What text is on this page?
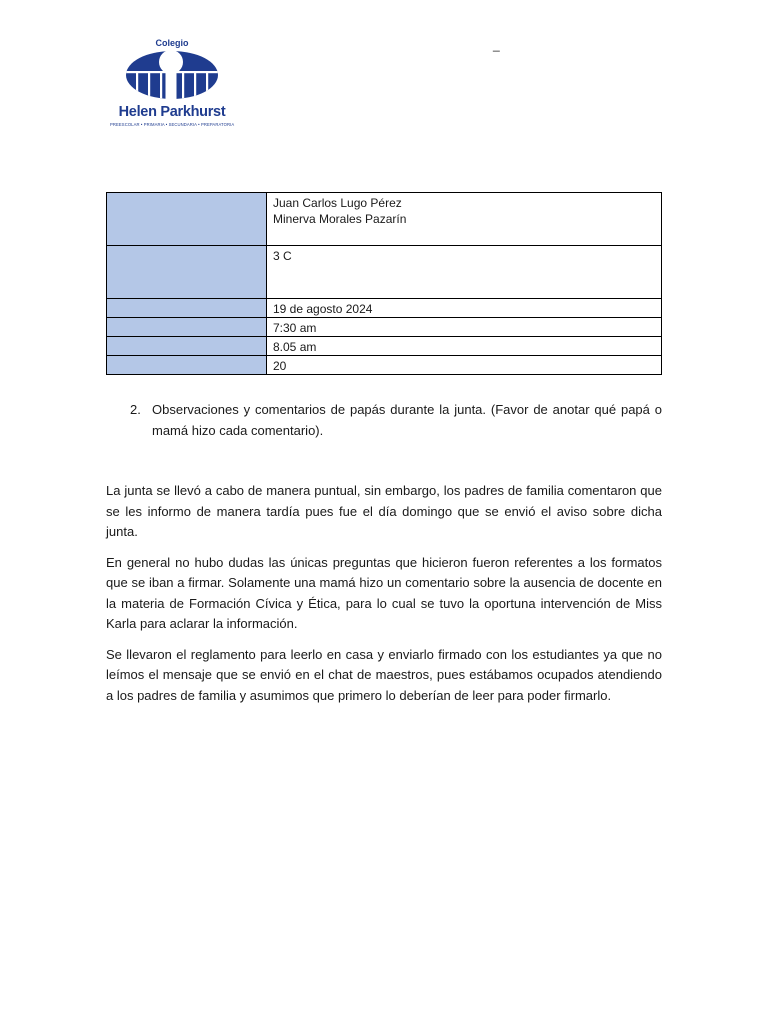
Colegio
Helen Parkhurst
PREESCOLAR • PRIMARIA • SECUNDARIA • PREPARATORIA
_

	Juan Carlos Lugo Pérez
Minerva Morales Pazarín

	3 C

	19 de agosto 2024

	7:30 am

	8.05 am

	20
2. Observaciones y comentarios de papás durante la junta. (Favor de anotar qué papá o mamá hizo cada comentario).

La junta se llevó a cabo de manera puntual, sin embargo, los padres de familia comentaron que se les informo de manera tardía pues fue el día domingo que se envió el aviso sobre dicha junta.

En general no hubo dudas las únicas preguntas que hicieron fueron referentes a los formatos que se iban a firmar. Solamente una mamá hizo un comentario sobre la ausencia de docente en la materia de Formación Cívica y Ética, para lo cual se tuvo la oportuna intervención de Miss Karla para aclarar la información.

Se llevaron el reglamento para leerlo en casa y enviarlo firmado con los estudiantes ya que no leímos el mensaje que se envió en el chat de maestros, pues estábamos ocupados atendiendo a los padres de familia y asumimos que primero lo deberían de leer para poder firmarlo.
